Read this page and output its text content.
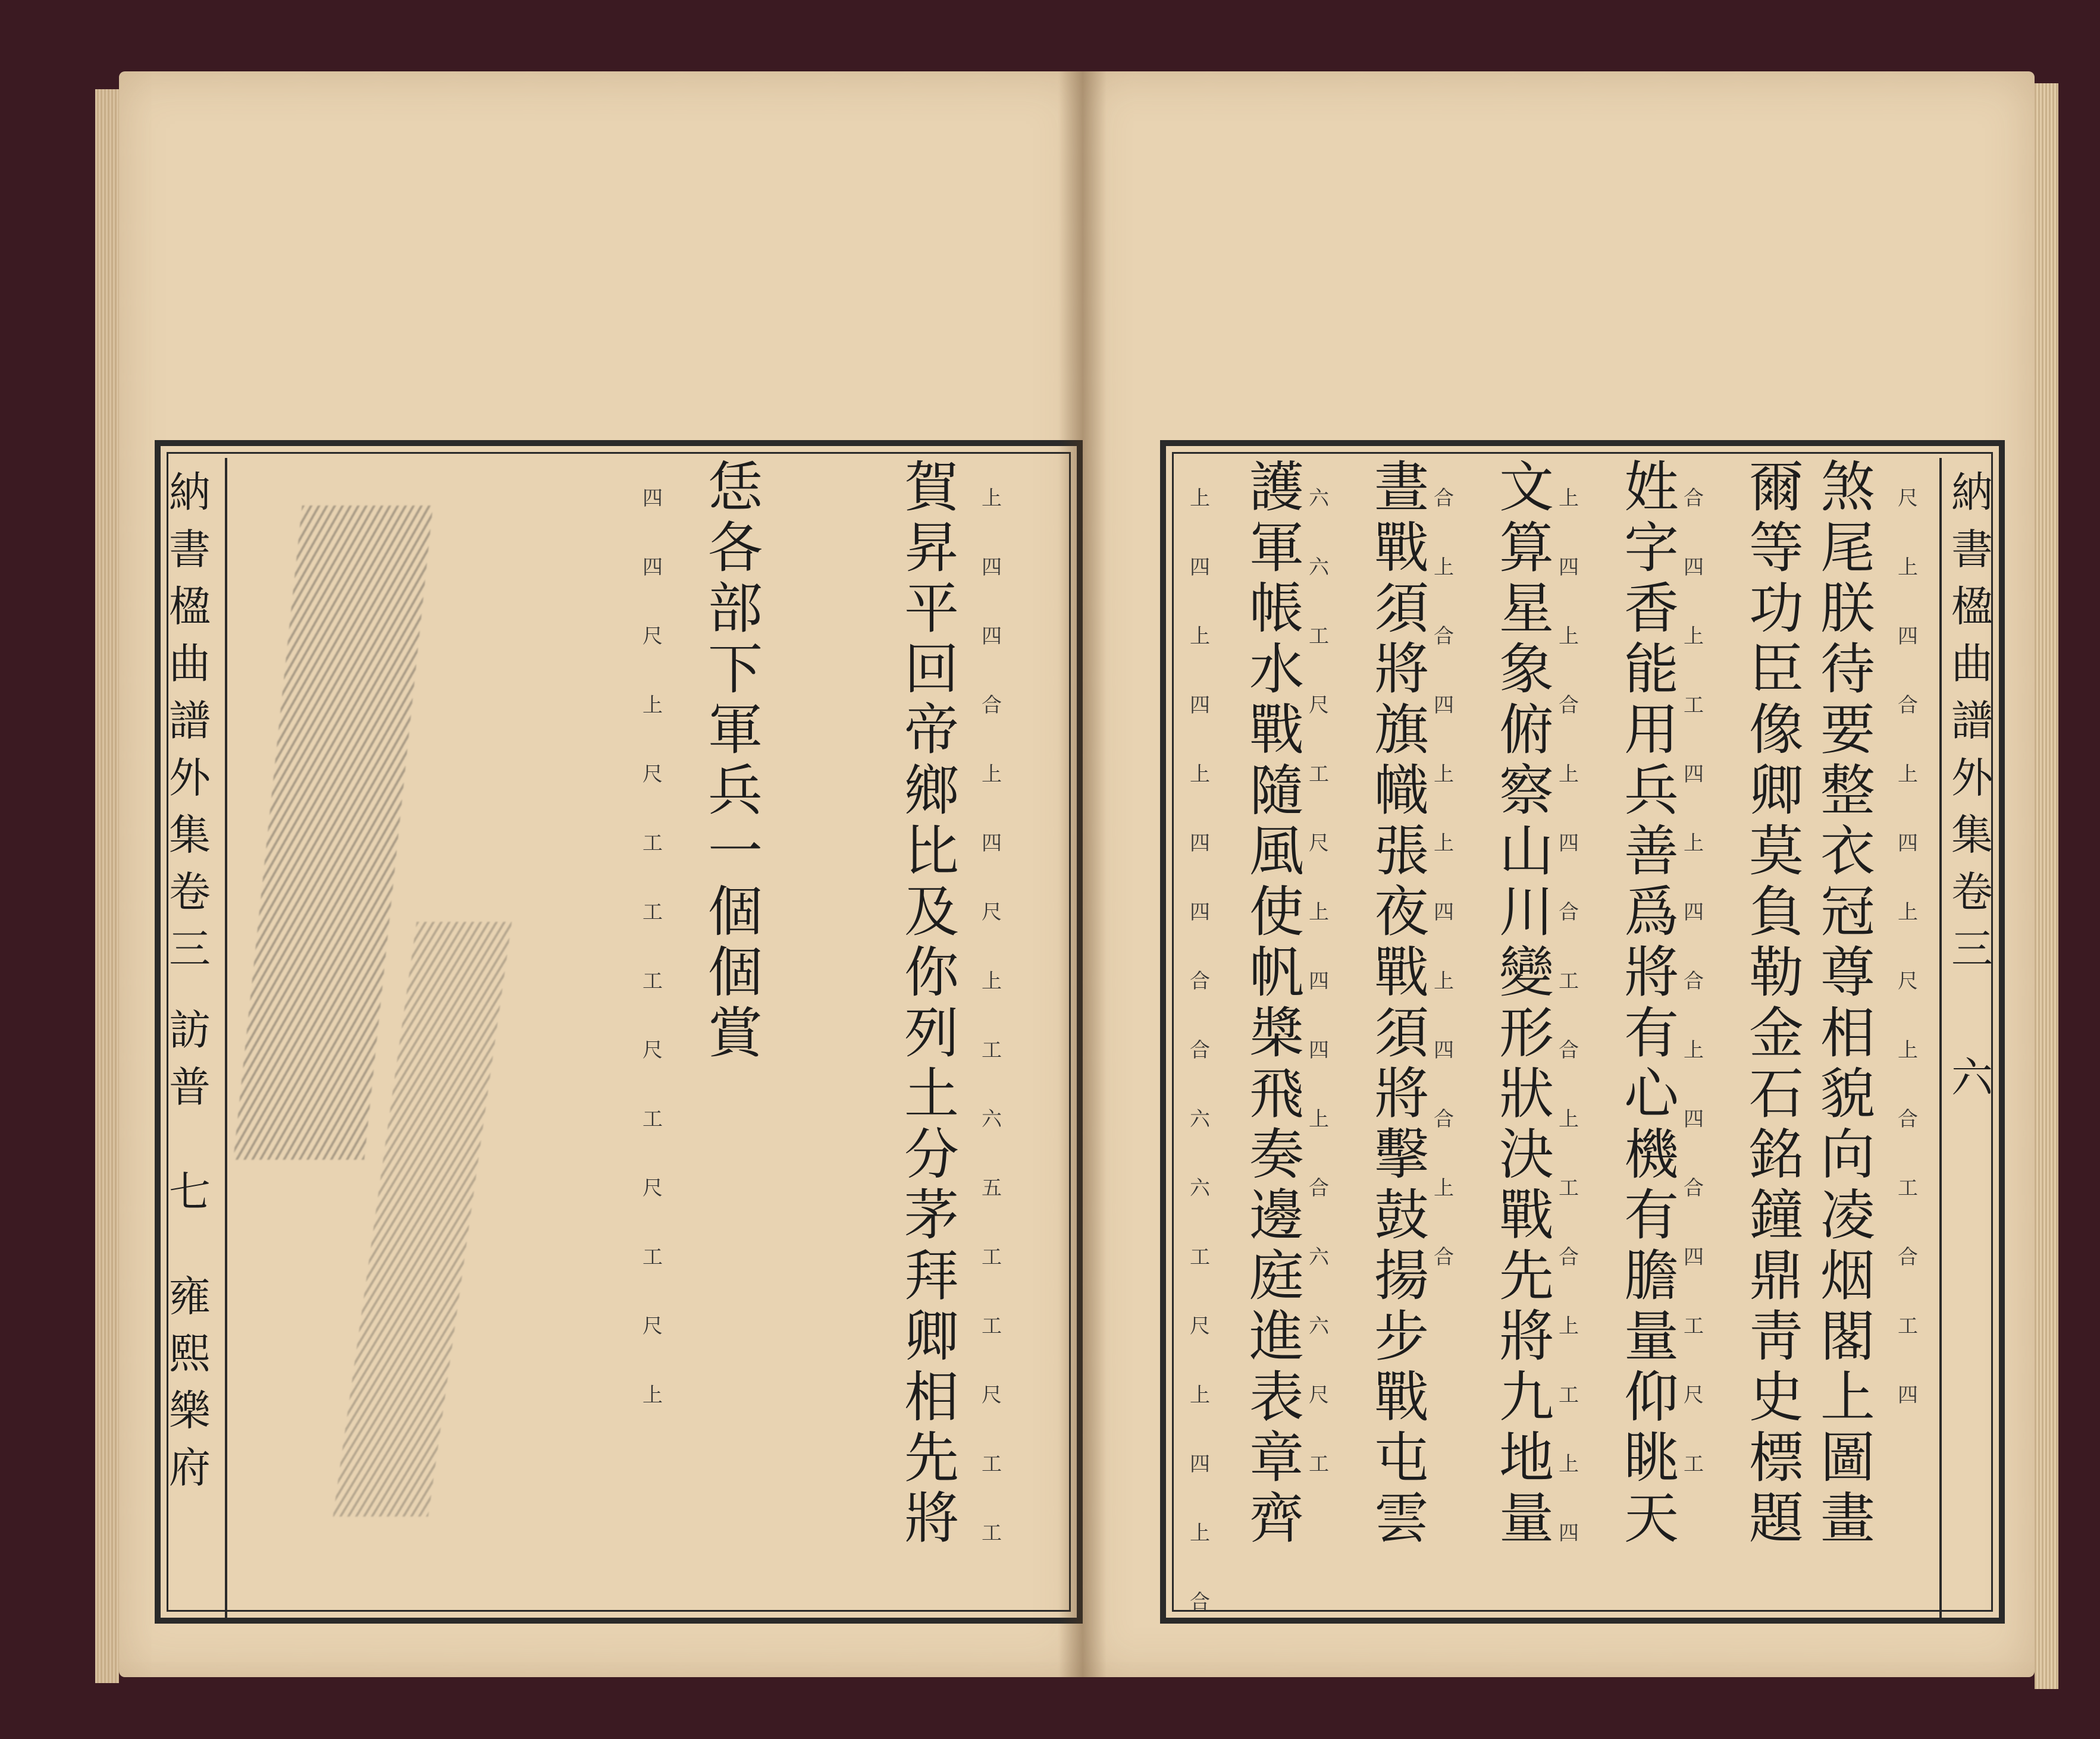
納
書
楹
曲
譜
外
集
卷
三
訪
普
七
雍
熙
樂
府
恁各部下軍兵一個個賞
四
四
尺
上
尺
工
工
工
尺
工
尺
工
尺
上	賀昇平回帝鄉比及你列土分茅拜卿相先將 上
四
四
合
上
四
尺
上
工
六
五
工
工
尺
工
工	煞尾朕待要整衣冠尊相貌向凌烟閣上圖畫
爾等功臣像卿莫負勒金石銘鐘鼎靑史標題
姓字香能用兵善爲將有心機有膽量仰眺天
文算星象俯察山川變形狀決戰先將九地量
晝戰須將旗幟張夜戰須將擊鼓揚步戰屯雲
護軍帳水戰隨風使帆槳飛奏邊庭進表章齊	尺
上
四
合
上
四
上
尺
上
合
工
合
工
四
合
四
上
工
四
上
四
合
上
四
合
四
工
尺
工
上
四
上
合
上
四
合
工
合
上
工
合
上
工
上
四
合
上
合
四
上
上
四
上
四
合
上
合
六
六
工
尺
工
尺
上
四
四
上
合
六
六
尺
工
上
四
上
四
上
四
四
合
合
六
六
工
尺
上
四
上
合
納
書
楹
曲
譜
外
集
卷
三
六
